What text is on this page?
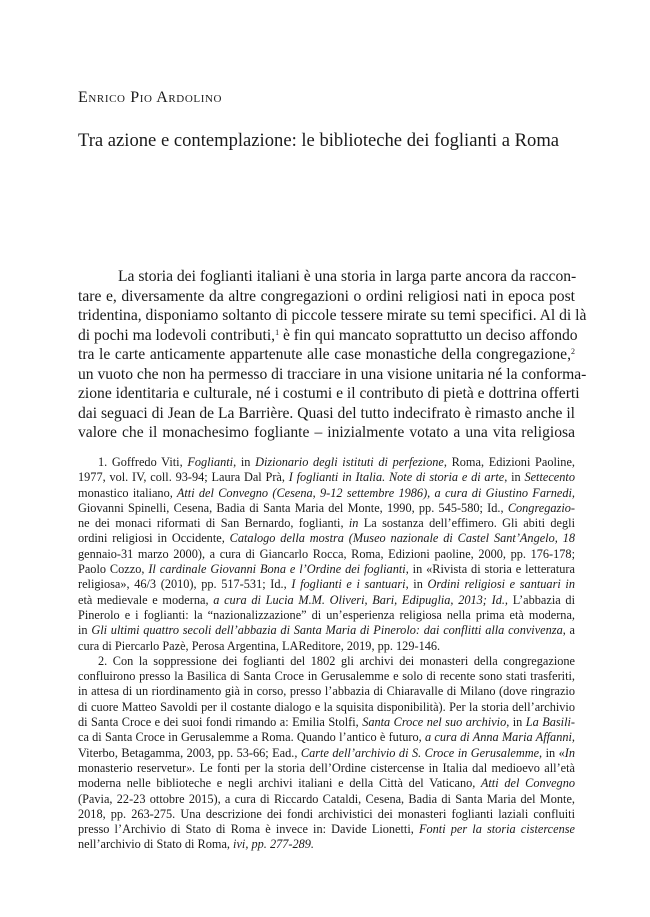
Enrico Pio Ardolino
Tra azione e contemplazione: le biblioteche dei foglianti a Roma
La storia dei foglianti italiani è una storia in larga parte ancora da raccon-
tare e, diversamente da altre congregazioni o ordini religiosi nati in epoca post
tridentina, disponiamo soltanto di piccole tessere mirate su temi specifici. Al di là
di pochi ma lodevoli contributi,$^1$ è fin qui mancato soprattutto un deciso affondo
tra le carte anticamente appartenute alle case monastiche della congregazione,$^2$
un vuoto che non ha permesso di tracciare in una visione unitaria né la conforma-
zione identitaria e culturale, né i costumi e il contributo di pietà e dottrina offerti
dai seguaci di Jean de La Barrière. Quasi del tutto indecifrato è rimasto anche il
valore che il monachesimo fogliante – inizialmente votato a una vita religiosa
1. Goffredo Viti, Foglianti, in Dizionario degli istituti di perfezione, Roma, Edizioni Paoline,
1977, vol. IV, coll. 93-94; Laura Dal Prà, I foglianti in Italia. Note di storia e di arte, in Settecento
monastico italiano, Atti del Convegno (Cesena, 9-12 settembre 1986), a cura di Giustino Farnedi,
Giovanni Spinelli, Cesena, Badia di Santa Maria del Monte, 1990, pp. 545-580; Id., Congregazio-
ne dei monaci riformati di San Bernardo, foglianti, in La sostanza dell’effimero. Gli abiti degli
ordini religiosi in Occidente, Catalogo della mostra (Museo nazionale di Castel Sant’Angelo, 18
gennaio-31 marzo 2000), a cura di Giancarlo Rocca, Roma, Edizioni paoline, 2000, pp. 176-178;
Paolo Cozzo, Il cardinale Giovanni Bona e l’Ordine dei foglianti, in «Rivista di storia e letteratura
religiosa», 46/3 (2010), pp. 517-531; Id., I foglianti e i santuari, in Ordini religiosi e santuari in
età medievale e moderna, a cura di Lucia M.M. Oliveri, Bari, Edipuglia, 2013; Id., L’abbazia di
Pinerolo e i foglianti: la “nazionalizzazione” di un’esperienza religiosa nella prima età moderna,
in Gli ultimi quattro secoli dell’abbazia di Santa Maria di Pinerolo: dai conflitti alla convivenza, a
cura di Piercarlo Pazè, Perosa Argentina, LAReditore, 2019, pp. 129-146.
2. Con la soppressione dei foglianti del 1802 gli archivi dei monasteri della congregazione
confluirono presso la Basilica di Santa Croce in Gerusalemme e solo di recente sono stati trasferiti,
in attesa di un riordinamento già in corso, presso l’abbazia di Chiaravalle di Milano (dove ringrazio
di cuore Matteo Savoldi per il costante dialogo e la squisita disponibilità). Per la storia dell’archivio
di Santa Croce e dei suoi fondi rimando a: Emilia Stolfi, Santa Croce nel suo archivio, in La Basili-
ca di Santa Croce in Gerusalemme a Roma. Quando l’antico è futuro, a cura di Anna Maria Affanni,
Viterbo, Betagamma, 2003, pp. 53-66; Ead., Carte dell’archivio di S. Croce in Gerusalemme, in «In
monasterio reservetur». Le fonti per la storia dell’Ordine cistercense in Italia dal medioevo all’età
moderna nelle biblioteche e negli archivi italiani e della Città del Vaticano, Atti del Convegno
(Pavia, 22-23 ottobre 2015), a cura di Riccardo Cataldi, Cesena, Badia di Santa Maria del Monte,
2018, pp. 263-275. Una descrizione dei fondi archivistici dei monasteri foglianti laziali confluiti
presso l’Archivio di Stato di Roma è invece in: Davide Lionetti, Fonti per la storia cistercense
nell’archivio di Stato di Roma, ivi, pp. 277-289.
